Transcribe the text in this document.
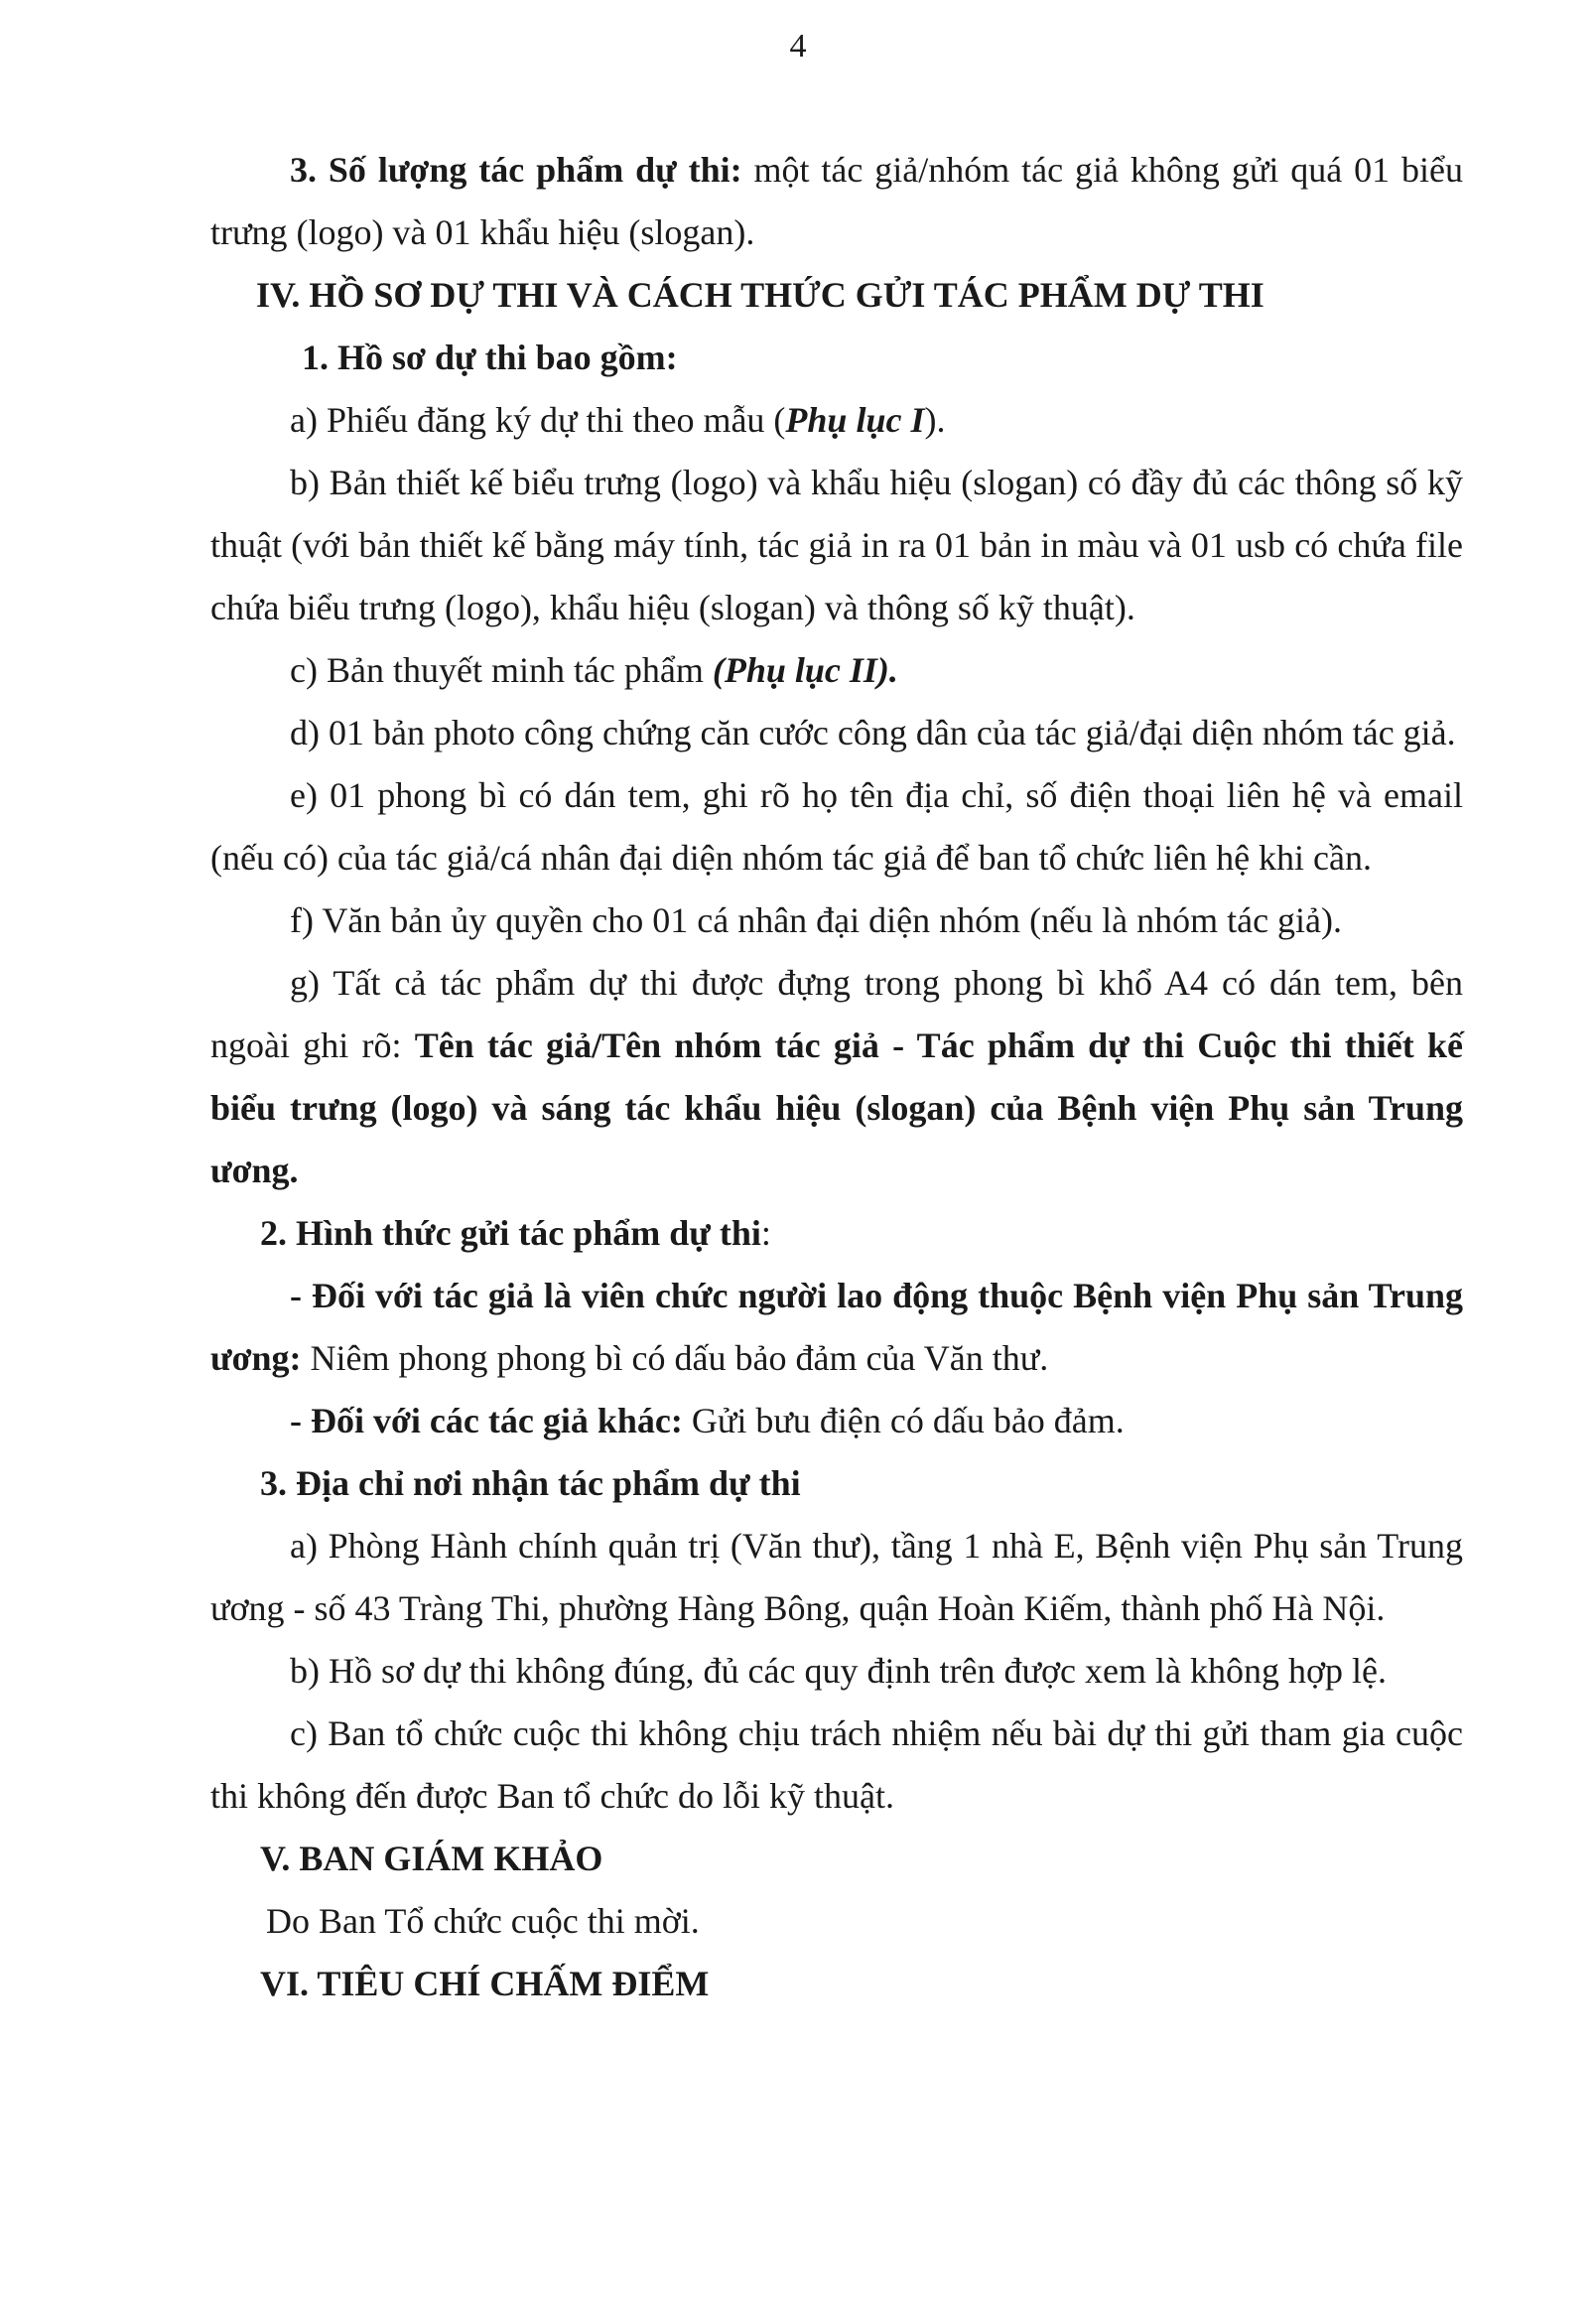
4

3. Số lượng tác phẩm dự thi: một tác giả/nhóm tác giả không gửi quá 01 biểu trưng (logo) và 01 khẩu hiệu (slogan).

IV. HỒ SƠ DỰ THI VÀ CÁCH THỨC GỬI TÁC PHẨM DỰ THI

1. Hồ sơ dự thi bao gồm:

a) Phiếu đăng ký dự thi theo mẫu (Phụ lục I).

b) Bản thiết kế biểu trưng (logo) và khẩu hiệu (slogan) có đầy đủ các thông số kỹ thuật (với bản thiết kế bằng máy tính, tác giả in ra 01 bản in màu và 01 usb có chứa file chứa biểu trưng (logo), khẩu hiệu (slogan) và thông số kỹ thuật).

c) Bản thuyết minh tác phẩm (Phụ lục II).

d) 01 bản photo công chứng căn cước công dân của tác giả/đại diện nhóm tác giả.

e) 01 phong bì có dán tem, ghi rõ họ tên địa chỉ, số điện thoại liên hệ và email (nếu có) của tác giả/cá nhân đại diện nhóm tác giả để ban tổ chức liên hệ khi cần.

f) Văn bản ủy quyền cho 01 cá nhân đại diện nhóm (nếu là nhóm tác giả).

g) Tất cả tác phẩm dự thi được đựng trong phong bì khổ A4 có dán tem, bên ngoài ghi rõ: Tên tác giả/Tên nhóm tác giả - Tác phẩm dự thi Cuộc thi thiết kế biểu trưng (logo) và sáng tác khẩu hiệu (slogan) của Bệnh viện Phụ sản Trung ương.

2. Hình thức gửi tác phẩm dự thi:

- Đối với tác giả là viên chức người lao động thuộc Bệnh viện Phụ sản Trung ương: Niêm phong phong bì có dấu bảo đảm của Văn thư.

- Đối với các tác giả khác: Gửi bưu điện có dấu bảo đảm.

3. Địa chỉ nơi nhận tác phẩm dự thi

a) Phòng Hành chính quản trị (Văn thư), tầng 1 nhà E, Bệnh viện Phụ sản Trung ương - số 43 Tràng Thi, phường Hàng Bông, quận Hoàn Kiếm, thành phố Hà Nội.

b) Hồ sơ dự thi không đúng, đủ các quy định trên được xem là không hợp lệ.

c) Ban tổ chức cuộc thi không chịu trách nhiệm nếu bài dự thi gửi tham gia cuộc thi không đến được Ban tổ chức do lỗi kỹ thuật.

V. BAN GIÁM KHẢO

Do Ban Tổ chức cuộc thi mời.

VI. TIÊU CHÍ CHẤM ĐIỂM
